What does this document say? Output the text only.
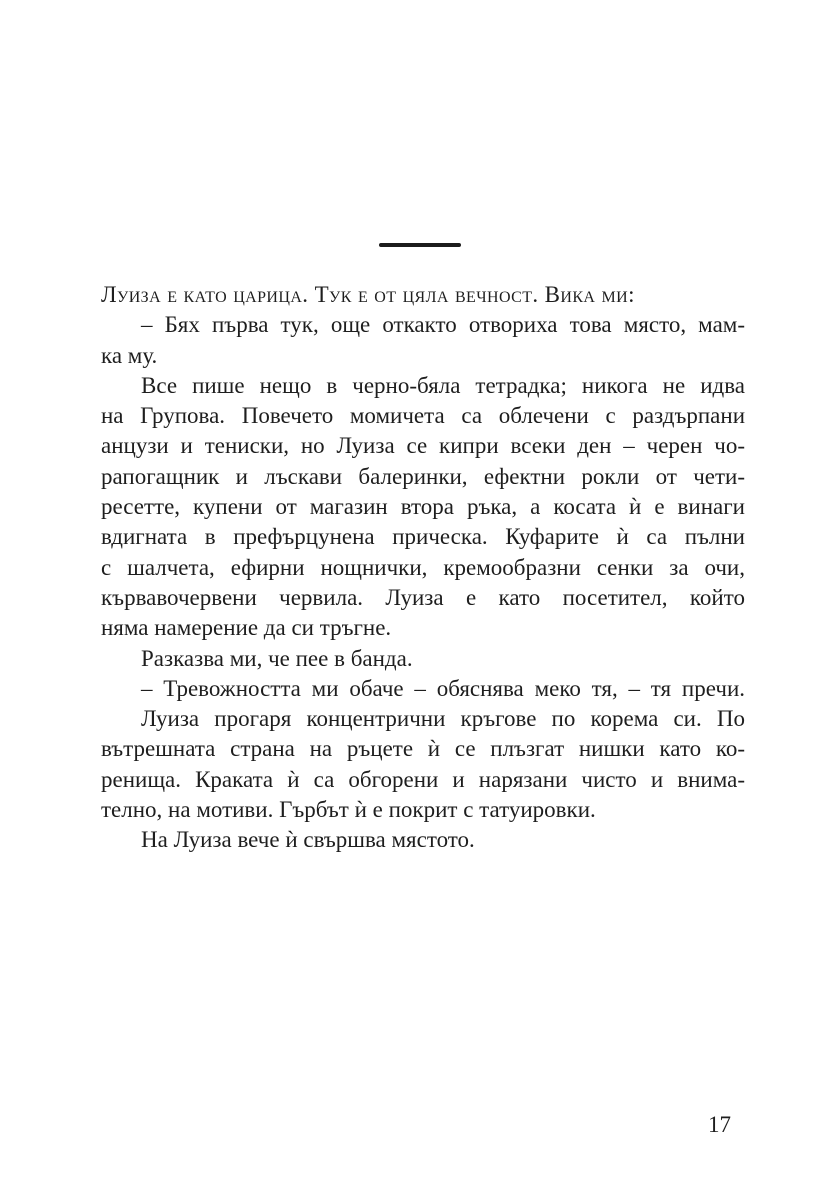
Луиза е като царица. Тук е от цяла вечност. Вика ми:
– Бях първа тук, още откакто отвориха това място, мам-
ка му.
Все пише нещо в черно-бяла тетрадка; никога не идва
на Групова. Повечето момичета са облечени с раздърпани
анцузи и тениски, но Луиза се кипри всеки ден – черен чо-
рапогащник и лъскави балеринки, ефектни рокли от чети-
ресетте, купени от магазин втора ръка, а косата ѝ е винаги
вдигната в префърцунена прическа. Куфарите ѝ са пълни
с шалчета, ефирни нощнички, кремообразни сенки за очи,
кървавочервени червила. Луиза е като посетител, който
няма намерение да си тръгне.
Разказва ми, че пее в банда.
– Тревожността ми обаче – обяснява меко тя, – тя пречи.
Луиза прогаря концентрични кръгове по корема си. По
вътрешната страна на ръцете ѝ се плъзгат нишки като ко-
ренища. Краката ѝ са обгорени и нарязани чисто и внима-
телно, на мотиви. Гърбът ѝ е покрит с татуировки.
На Луиза вече ѝ свършва мястото.
17
